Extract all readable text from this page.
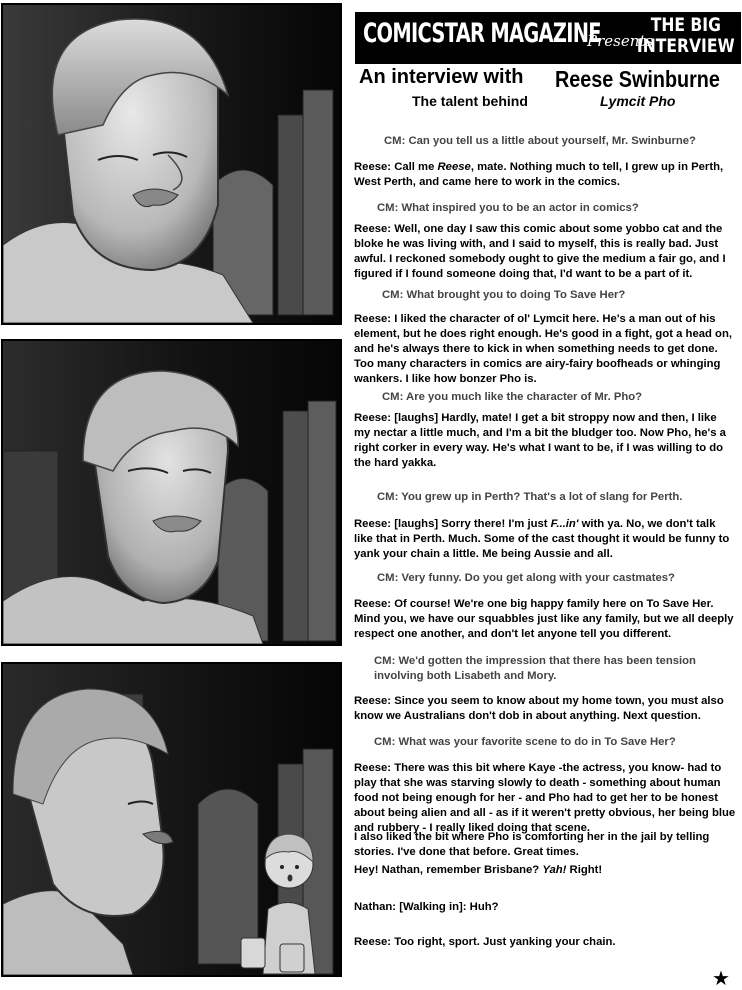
COMICSTAR MAGAZINE
Presents
THE BIG INTERVIEW
An interview with
The talent behind
Reese Swinburne
Lymcit Pho

CM: Can you tell us a little about yourself, Mr. Swinburne?

Reese: Call me Reese, mate. Nothing much to tell, I grew up in Perth, West Perth, and came here to work in the comics.

CM: What inspired you to be an actor in comics?

Reese: Well, one day I saw this comic about some yobbo cat and the bloke he was living with, and I said to myself, this is really bad. Just awful. I reckoned somebody ought to give the medium a fair go, and I figured if I found someone doing that, I'd want to be a part of it.

CM: What brought you to doing To Save Her?

Reese: I liked the character of ol' Lymcit here. He's a man out of his element, but he does right enough. He's good in a fight, got a head on, and he's always there to kick in when something needs to get done. Too many characters in comics are airy-fairy boofheads or whinging wankers. I like how bonzer Pho is.

CM: Are you much like the character of Mr. Pho?

Reese: [laughs] Hardly, mate! I get a bit stroppy now and then, I like my nectar a little much, and I'm a bit the bludger too. Now Pho, he's a right corker in every way. He's what I want to be, if I was willing to do the hard yakka.

CM: You grew up in Perth? That's a lot of slang for Perth.

Reese: [laughs] Sorry there! I'm just F...in' with ya. No, we don't talk like that in Perth. Much. Some of the cast thought it would be funny to yank your chain a little. Me being Aussie and all.

CM: Very funny. Do you get along with your castmates?

Reese: Of course! We're one big happy family here on To Save Her. Mind you, we have our squabbles just like any family, but we all deeply respect one another, and don't let anyone tell you different.

CM: We'd gotten the impression that there has been tension involving both Lisabeth and Mory.

Reese: Since you seem to know about my home town, you must also know we Australians don't dob in about anything. Next question.

CM: What was your favorite scene to do in To Save Her?

Reese: There was this bit where Kaye -the actress, you know- had to play that she was starving slowly to death - something about human food not being enough for her - and Pho had to get her to be honest about being alien and all - as if it weren't pretty obvious, her being blue and rubbery - I really liked doing that scene.

I also liked the bit where Pho is comforting her in the jail by telling stories. I've done that before. Great times.

Hey! Nathan, remember Brisbane? Yah! Right!

Nathan: [Walking in]: Huh?

Reese: Too right, sport. Just yanking your chain.

★
